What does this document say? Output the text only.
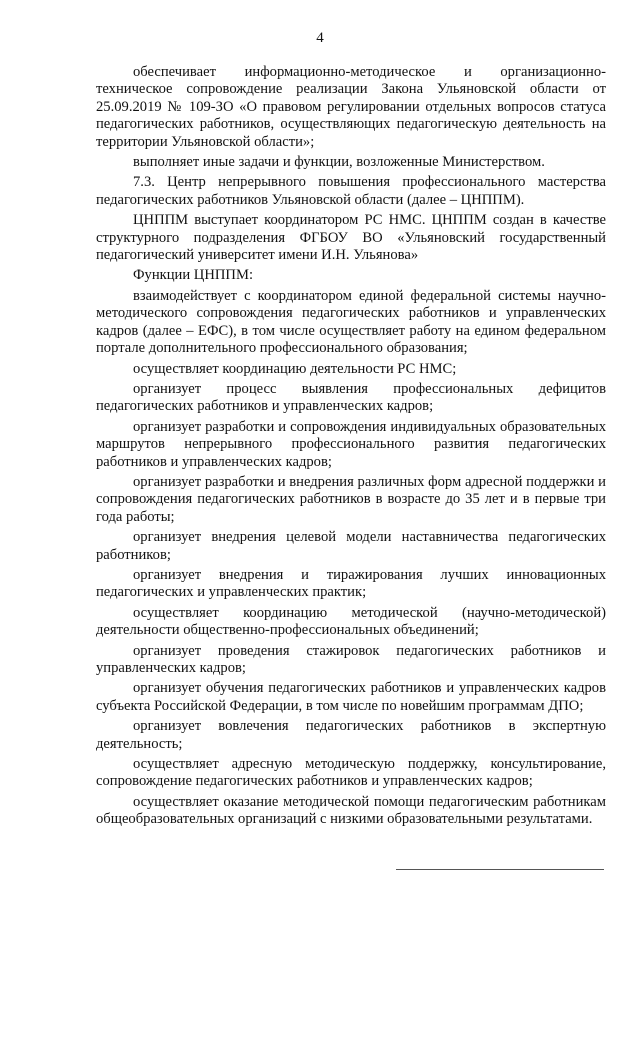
4

обеспечивает информационно-методическое и организационно-техническое сопровождение реализации Закона Ульяновской области от 25.09.2019 № 109-ЗО «О правовом регулировании отдельных вопросов статуса педагогических работников, осуществляющих педагогическую деятельность на территории Ульяновской области»;

выполняет иные задачи и функции, возложенные Министерством.

7.3. Центр непрерывного повышения профессионального мастерства педагогических работников Ульяновской области (далее – ЦНППМ).

ЦНППМ выступает координатором РС НМС. ЦНППМ создан в качестве структурного подразделения ФГБОУ ВО «Ульяновский государственный педагогический университет имени И.Н. Ульянова»

Функции ЦНППМ:

взаимодействует с координатором единой федеральной системы научно-методического сопровождения педагогических работников и управленческих кадров (далее – ЕФС), в том числе осуществляет работу на едином федеральном портале дополнительного профессионального образования;

осуществляет координацию деятельности РС НМС;

организует процесс выявления профессиональных дефицитов педагогических работников и управленческих кадров;

организует разработки и сопровождения индивидуальных образовательных маршрутов непрерывного профессионального развития педагогических работников и управленческих кадров;

организует разработки и внедрения различных форм адресной поддержки и сопровождения педагогических работников в возрасте до 35 лет и в первые три года работы;

организует внедрения целевой модели наставничества педагогических работников;

организует внедрения и тиражирования лучших инновационных педагогических и управленческих практик;

осуществляет координацию методической (научно-методической) деятельности общественно-профессиональных объединений;

организует проведения стажировок педагогических работников и управленческих кадров;

организует обучения педагогических работников и управленческих кадров субъекта Российской Федерации, в том числе по новейшим программам ДПО;

организует вовлечения педагогических работников в экспертную деятельность;

осуществляет адресную методическую поддержку, консультирование, сопровождение педагогических работников и управленческих кадров;

осуществляет оказание методической помощи педагогическим работникам общеобразовательных организаций с низкими образовательными результатами.
